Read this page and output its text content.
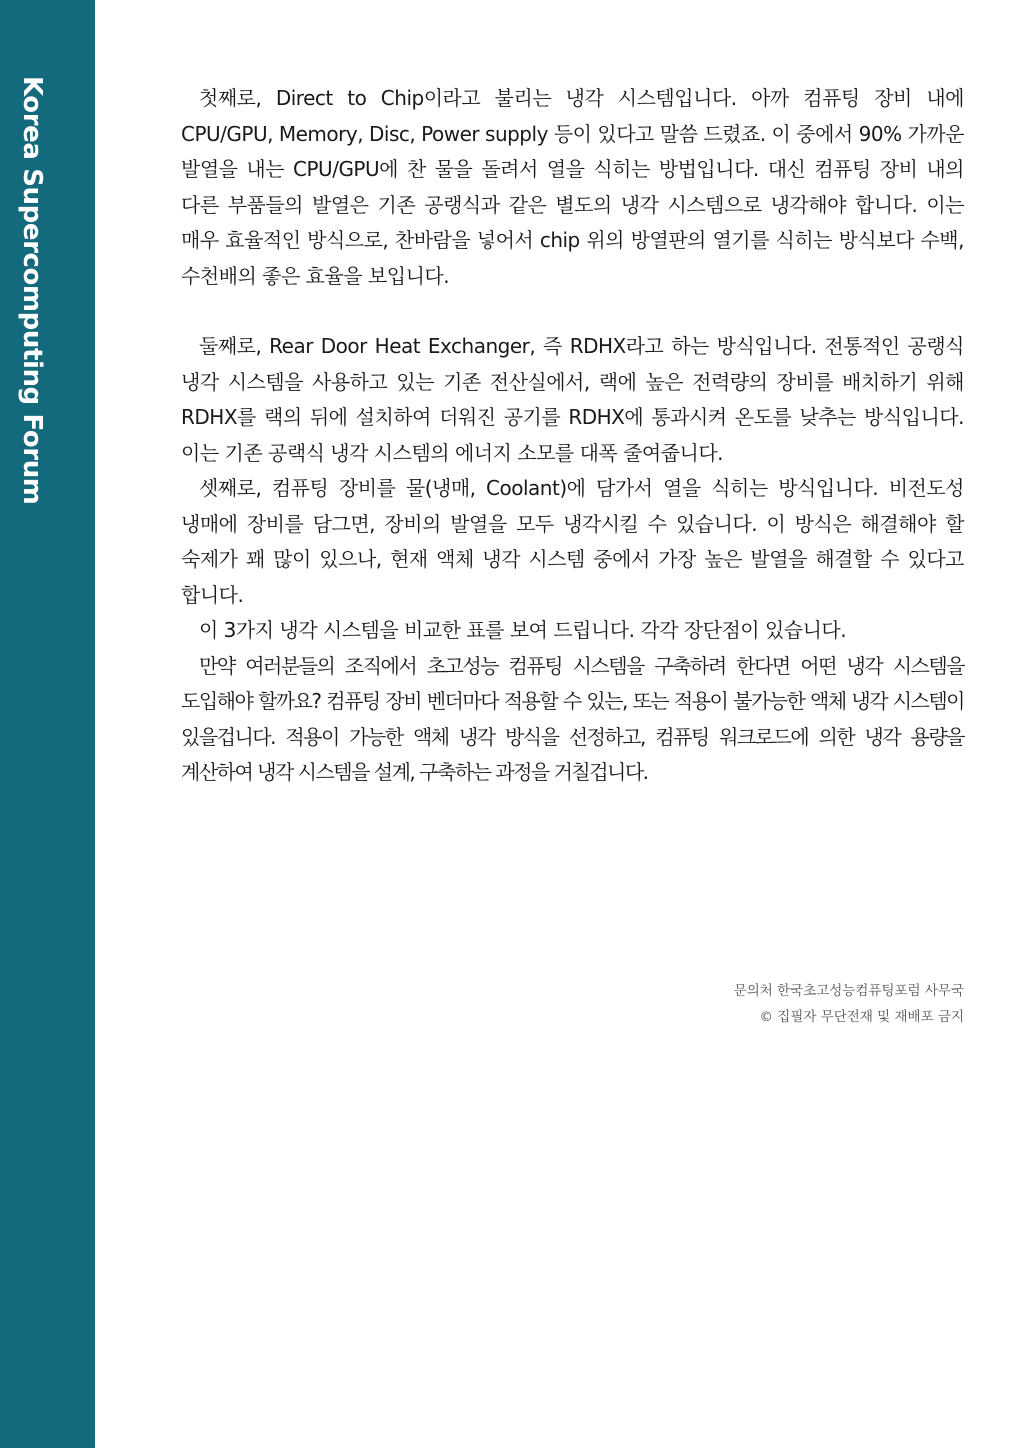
Korea Supercomputing Forum	첫째로, Direct to Chip이라고 불리는 냉각 시스템입니다. 아까 컴퓨팅 장비 내에 CPU/GPU, Memory, Disc, Power supply 등이 있다고 말씀 드렸죠. 이 중에서 90% 가까운 발열을 내는 CPU/GPU에 찬 물을 돌려서 열을 식히는 방법입니다. 대신 컴퓨팅 장비 내의 다른 부품들의 발열은 기존 공랭식과 같은 별도의 냉각 시스템으로 냉각해야 합니다. 이는 매우 효율적인 방식으로, 찬바람을 넣어서 chip 위의 방열판의 열기를 식히는 방식보다 수백, 수천배의 좋은 효율을 보입니다.

둘째로, Rear Door Heat Exchanger, 즉 RDHX라고 하는 방식입니다. 전통적인 공랭식 냉각 시스템을 사용하고 있는 기존 전산실에서, 랙에 높은 전력량의 장비를 배치하기 위해 RDHX를 랙의 뒤에 설치하여 더워진 공기를 RDHX에 통과시켜 온도를 낮추는 방식입니다. 이는 기존 공랙식 냉각 시스템의 에너지 소모를 대폭 줄여줍니다.

셋째로, 컴퓨팅 장비를 물(냉매, Coolant)에 담가서 열을 식히는 방식입니다. 비전도성 냉매에 장비를 담그면, 장비의 발열을 모두 냉각시킬 수 있습니다. 이 방식은 해결해야 할 숙제가 꽤 많이 있으나, 현재 액체 냉각 시스템 중에서 가장 높은 발열을 해결할 수 있다고 합니다.

이 3가지 냉각 시스템을 비교한 표를 보여 드립니다. 각각 장단점이 있습니다.

만약 여러분들의 조직에서 초고성능 컴퓨팅 시스템을 구축하려 한다면 어떤 냉각 시스템을 도입해야 할까요? 컴퓨팅 장비 벤더마다 적용할 수 있는, 또는 적용이 불가능한 액체 냉각 시스템이 있을겁니다. 적용이 가능한 액체 냉각 방식을 선정하고, 컴퓨팅 워크로드에 의한 냉각 용량을 계산하여 냉각 시스템을 설계, 구축하는 과정을 거칠겁니다.

문의처 한국초고성능컴퓨팅포럼 사무국
© 집필자 무단전재 및 재배포 금지
